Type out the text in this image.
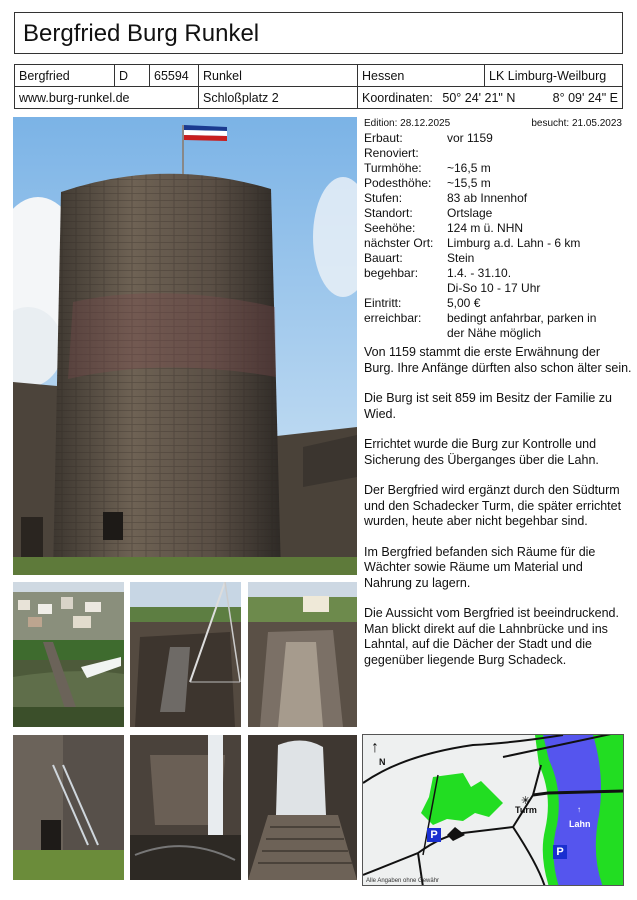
Bergfried Burg Runkel
Bergfried	D	65594	Runkel	Hessen	LK Limburg-Weilburg
www.burg-runkel.de			Schloßplatz 2	Koordinaten: 50° 24' 21" N 8° 09' 24" E	
Edition: 28.12.2025	besucht: 21.05.2023
Erbaut:	vor 1159
Renoviert:
Turmhöhe:	~16,5 m
Podesthöhe:	~15,5 m
Stufen:	83 ab Innenhof
Standort:	Ortslage
Seehöhe:	124 m ü. NHN
nächster Ort:	Limburg a.d. Lahn - 6 km
Bauart:	Stein
begehbar:	1.4. - 31.10.
Di-So 10 - 17 Uhr
Eintritt:	5,00 €
erreichbar:	bedingt anfahrbar, parken in
der Nähe möglich

Von 1159 stammt die erste Erwähnung der Burg. Ihre Anfänge dürften also schon älter sein.

Die Burg ist seit 859 im Besitz der Familie zu Wied.

Errichtet wurde die Burg zur Kontrolle und Sicherung des Überganges über die Lahn.

Der Bergfried wird ergänzt durch den Südturm und den Schadecker Turm, die später errichtet wurden, heute aber nicht begehbar sind.

Im Bergfried befanden sich Räume für die Wächter sowie Räume um Material und Nahrung zu lagern.

Die Aussicht vom Bergfried ist beeindruckend. Man blickt direkt auf die Lahnbrücke und ins Lahntal, auf die Dächer der Stadt und die gegenüber liegende Burg Schadeck.

✳
↑
N
Turm	↑
Lahn
P
P
Alle Angaben ohne Gewähr
